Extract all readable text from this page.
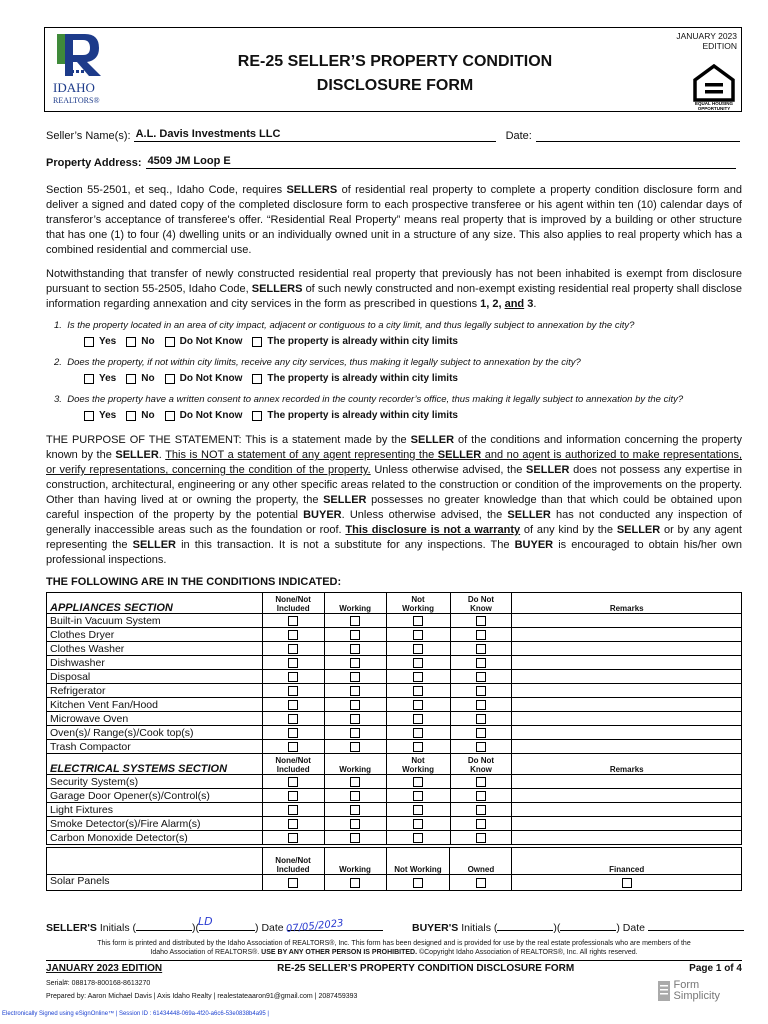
IDAHO
REALTORS®
RE-25 SELLER’S PROPERTY CONDITION
DISCLOSURE FORM
JANUARY 2023
EDITION
EQUAL HOUSING
OPPORTUNITY
Seller’s Name(s): A.L. Davis Investments LLC	Date:
Property Address: 4509 JM Loop E
Section 55-2501, et seq., Idaho Code, requires SELLERS of residential real property to complete a property condition disclosure form and deliver a signed and dated copy of the completed disclosure form to each prospective transferee or his agent within ten (10) calendar days of transferor’s acceptance of transferee's offer. “Residential Real Property” means real property that is improved by a building or other structure that has one (1) to four (4) dwelling units or an individually owned unit in a structure of any size. This also applies to real property which has a combined residential and commercial use.
Notwithstanding that transfer of newly constructed residential real property that previously has not been inhabited is exempt from disclosure pursuant to section 55-2505, Idaho Code, SELLERS of such newly constructed and non-exempt existing residential real property shall disclose information regarding annexation and city services in the form as prescribed in questions 1, 2, and 3.
1. Is the property located in an area of city impact, adjacent or contiguous to a city limit, and thus legally subject to annexation by the city?
Yes	No	Do Not Know	The property is already within city limits
2. Does the property, if not within city limits, receive any city services, thus making it legally subject to annexation by the city?
Yes	No	Do Not Know	The property is already within city limits
3. Does the property have a written consent to annex recorded in the county recorder’s office, thus making it legally subject to annexation by the city?
Yes	No	Do Not Know	The property is already within city limits
THE PURPOSE OF THE STATEMENT: This is a statement made by the SELLER of the conditions and information concerning the property known by the SELLER. This is NOT a statement of any agent representing the SELLER and no agent is authorized to make representations, or verify representations, concerning the condition of the property. Unless otherwise advised, the SELLER does not possess any expertise in construction, architectural, engineering or any other specific areas related to the construction or condition of the improvements on the property. Other than having lived at or owning the property, the SELLER possesses no greater knowledge than that which could be obtained upon careful inspection of the property by the potential BUYER. Unless otherwise advised, the SELLER has not conducted any inspection of generally inaccessible areas such as the foundation or roof. This disclosure is not a warranty of any kind by the SELLER or by any agent representing the SELLER in this transaction. It is not a substitute for any inspections. The BUYER is encouraged to obtain his/her own professional inspections.
THE FOLLOWING ARE IN THE CONDITIONS INDICATED:
APPLIANCES SECTION	None/Not
Included	Working	Not
Working	Do Not
Know	Remarks
Built-in Vacuum System					
Clothes Dryer					
Clothes Washer					
Dishwasher					
Disposal					
Refrigerator					
Kitchen Vent Fan/Hood					
Microwave Oven					
Oven(s)/ Range(s)/Cook top(s)					
Trash Compactor					
ELECTRICAL SYSTEMS SECTION	None/Not
Included	Working	Not
Working	Do Not
Know	Remarks
Security System(s)					
Garage Door Opener(s)/Control(s)					
Light Fixtures					
Smoke Detector(s)/Fire Alarm(s)					
Carbon Monoxide Detector(s)					
	None/Not
Included	Working	Not Working	Owned	Financed
Solar Panels					
SELLER'S Initials (	)(	) Date
LD	07/05/2023	BUYER'S Initials (	)(	) Date
This form is printed and distributed by the Idaho Association of REALTORS®, Inc. This form has been designed and is provided for use by the real estate professionals who are members of the
Idaho Association of REALTORS®. USE BY ANY OTHER PERSON IS PROHIBITED. ©Copyright Idaho Association of REALTORS®, Inc. All rights reserved.
JANUARY 2023 EDITION	RE-25 SELLER’S PROPERTY CONDITION DISCLOSURE FORM	Page 1 of 4
Serial#: 088178-800168-8613270
Prepared by: Aaron Michael Davis | Axis Idaho Realty | realestateaaron91@gmail.com | 2087459393
Electronically Signed using eSignOnline™ | Session ID : 61434448-069a-4f20-a6c6-53e0838b4a95 |
Form
Simplicity
